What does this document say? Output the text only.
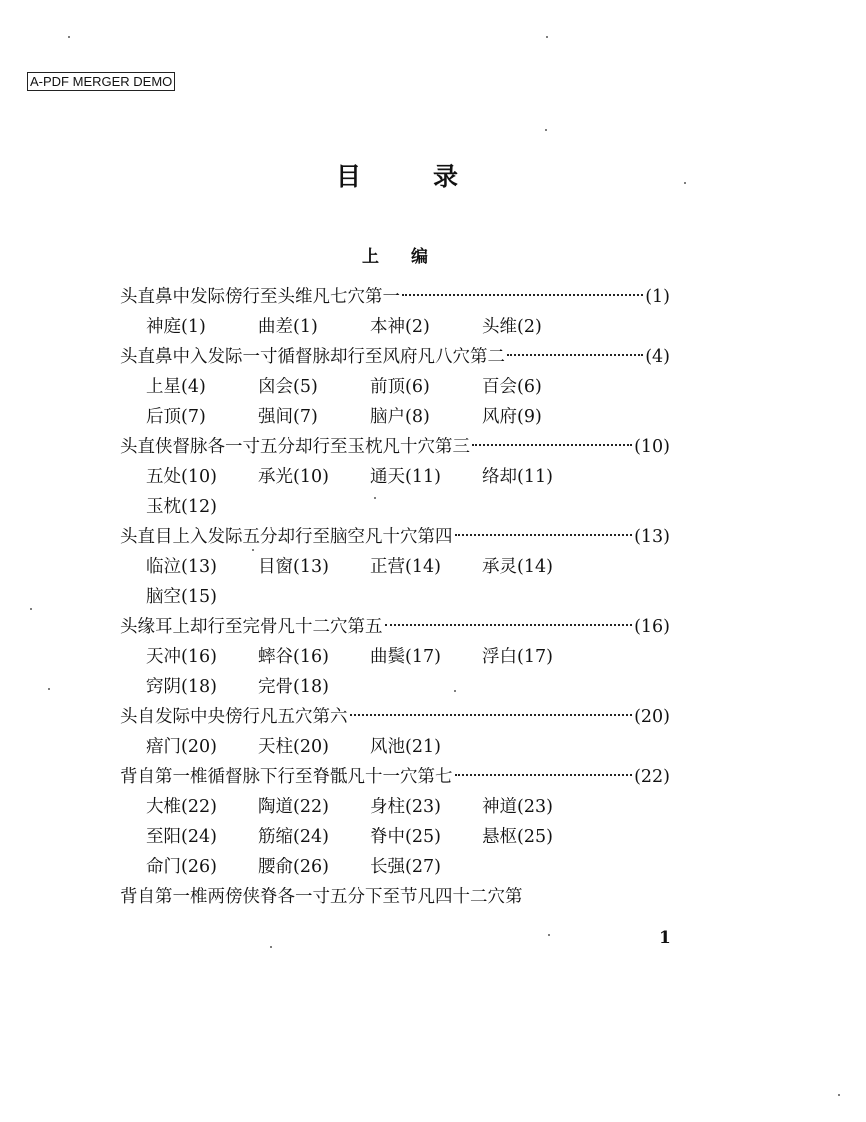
A-PDF MERGER DEMO
目	录
上 编
头直鼻中发际傍行至头维凡七穴第一	(1)
神庭(1)	曲差(1)	本神(2)	头维(2)
头直鼻中入发际一寸循督脉却行至风府凡八穴第二	(4)
上星(4)	囟会(5)	前顶(6)	百会(6)
后顶(7)	强间(7)	脑户(8)	风府(9)
头直侠督脉各一寸五分却行至玉枕凡十穴第三	(10)
五处(10) 承光(10) 通天(11) 络却(11)
玉枕(12)
头直目上入发际五分却行至脑空凡十穴第四	(13)
临泣(13) 目窗(13) 正营(14) 承灵(14)
脑空(15)
头缘耳上却行至完骨凡十二穴第五	(16)
天冲(16) 蟀谷(16) 曲鬓(17) 浮白(17)
窍阴(18) 完骨(18)
头自发际中央傍行凡五穴第六	(20)
瘖门(20) 天柱(20) 风池(21)
背自第一椎循督脉下行至脊骶凡十一穴第七	(22)
大椎(22) 陶道(22) 身柱(23) 神道(23)
至阳(24) 筋缩(24) 脊中(25) 悬枢(25)
命门(26) 腰俞(26) 长强(27)
背自第一椎两傍侠脊各一寸五分下至节凡四十二穴第
1
